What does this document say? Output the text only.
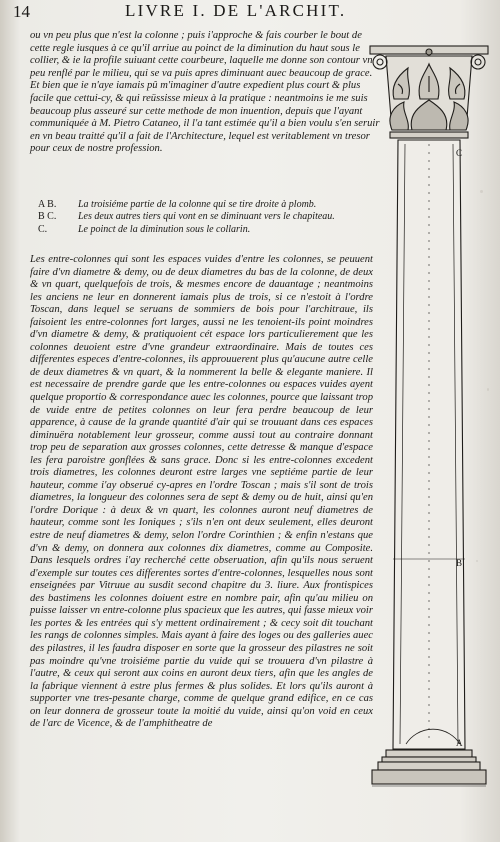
14	LIVRE I. DE L'ARCHIT.

ou vn peu plus que n'est la colonne ; puis i'approche & fais courber le bout de cette regle iusques à ce qu'il arriue au poinct de la diminution du haut sous le collier, & ie la profile suiuant cette courbeure, laquelle me donne son contour vn peu renflé par le milieu, qui se va puis apres diminuant auec beaucoup de grace. Et bien que ie n'aye iamais pû m'imaginer d'autre expedient plus court & plus facile que cettui-cy, & qui reüssisse mieux à la pratique : neantmoins ie me suis beaucoup plus asseuré sur cette methode de mon inuention, depuis que l'ayant communiquée à M. Pietro Cataneo, il l'a tant estimée qu'il a bien voulu s'en seruir en vn beau traitté qu'il a fait de l'Architecture, lequel est veritablement vn tresor pour ceux de nostre profession.

A B. La troisiéme partie de la colonne qui se tire droite à plomb.
B C. Les deux autres tiers qui vont en se diminuant vers le chapiteau.
C.	Le poinct de la diminution sous le collarin.

Les entre-colonnes qui sont les espaces vuides d'entre les colonnes, se peuuent faire d'vn diametre & demy, ou de deux diametres du bas de la colonne, de deux & vn quart, quelquefois de trois, & mesmes encore de dauantage ; neantmoins les anciens ne leur en donnerent iamais plus de trois, si ce n'estoit à l'ordre Toscan, dans lequel se seruans de sommiers de bois pour l'architraue, ils faisoient les entre-colonnes fort larges, aussi ne les tenoient-ils point moindres d'vn diametre & demy, & pratiquoient cét espace lors particulierement que les colonnes deuoient estre d'vne grandeur extraordinaire. Mais de toutes ces differentes especes d'entre-colonnes, ils approuuerent plus qu'aucune autre celle de deux diametres & vn quart, & la nommerent la belle & elegante maniere. Il est necessaire de prendre garde que les entre-colonnes ou espaces vuides ayent quelque proportio & correspondance auec les colonnes, pource que laissant trop de vuide entre de petites colonnes on leur fera perdre beaucoup de leur apparence, à cause de la grande quantité d'air qui se trouuant dans ces espaces diminuëra notablement leur grosseur, comme aussi tout au contraire donnant trop peu de separation aux grosses colonnes, cette detresse & manque d'espace les fera paroistre gonflées & sans grace. Donc si les entre-colonnes excedent trois diametres, les colonnes deuront estre larges vne septiéme partie de leur hauteur, comme i'ay obserué cy-apres en l'ordre Toscan ; mais s'il sont de trois diametres, la longueur des colonnes sera de sept & demy ou de huit, ainsi qu'en l'ordre Dorique : à deux & vn quart, les colonnes auront neuf diametres de hauteur, comme sont les Ioniques ; s'ils n'en ont deux seulement, elles deuront estre de neuf diametres & demy, selon l'ordre Corinthien ; & enfin n'estans que d'vn & demy, on donnera aux colonnes dix diametres, comme au Composite. Dans lesquels ordres i'ay recherché cette obseruation, afin qu'ils nous seruent d'exemple sur toutes ces differentes sortes d'entre-colonnes, lesquelles nous sont enseignées par Vitruue au susdit second chapitre du 3. liure. Aux frontispices des bastimens les colonnes doiuent estre en nombre pair, afin qu'au milieu on puisse laisser vn entre-colonne plus spacieux que les autres, qui fasse mieux voir les portes & les entrées qui s'y mettent ordinairement ; & cecy soit dit touchant les rangs de colonnes simples. Mais ayant à faire des loges ou des galleries auec des pilastres, il les faudra disposer en sorte que la grosseur des pilastres ne soit pas moindre qu'vne troisiéme partie du vuide qui se trouuera d'vn pilastre à l'autre, & ceux qui seront aux coins en auront deux tiers, afin que les angles de la fabrique viennent à estre plus fermes & plus solides. Et lors qu'ils auront à supporter vne tres-pesante charge, comme de quelque grand edifice, en ce cas on leur donnera de grosseur toute la moitié du vuide, ainsi qu'on void en ceux de l'arc de Vicence, & de l'amphitheatre de

C
B
A
